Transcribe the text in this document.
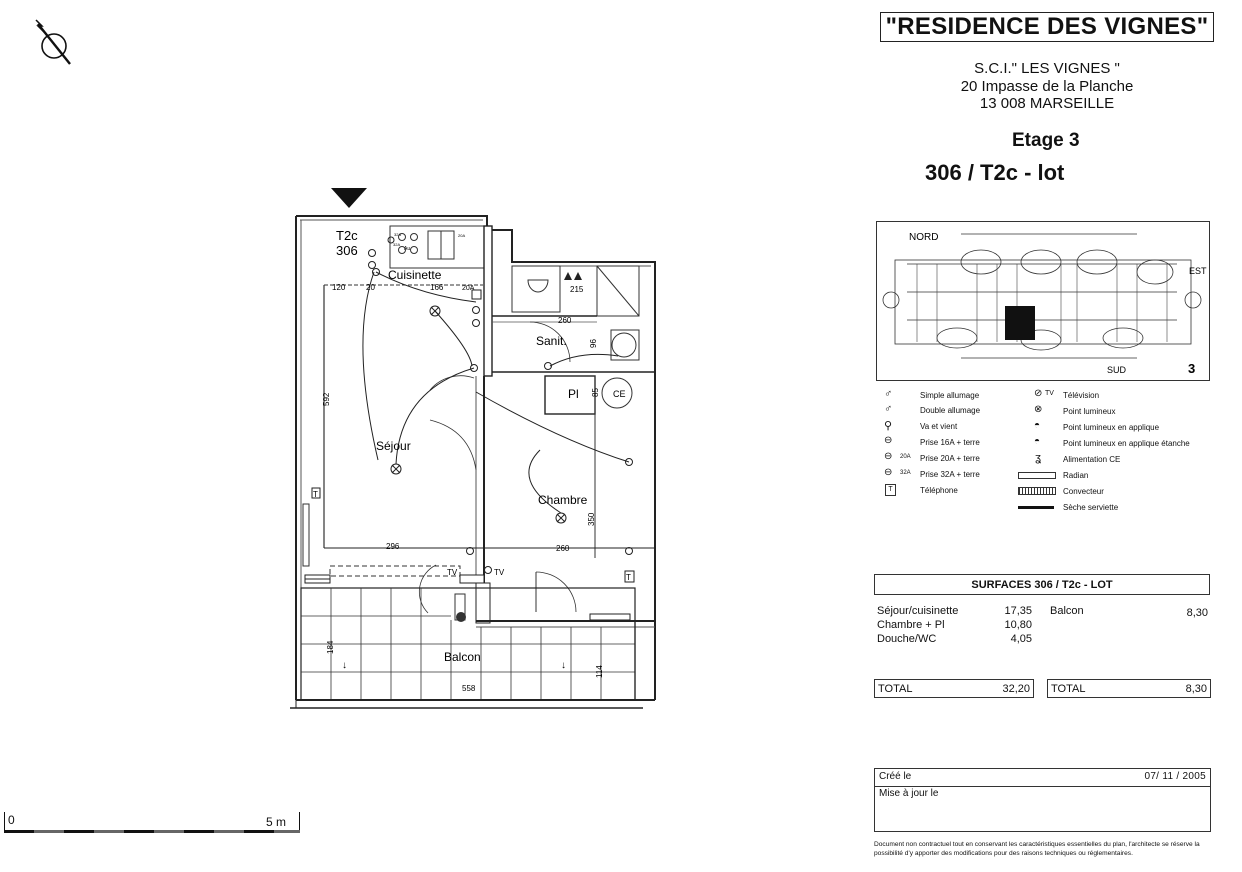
32A
Au
T2c
306
Cuisinette
Séjour
Sanit.
Pl	CE
Chambre
Balcon
120	20	166	20A	215
260
96
85
592
296	260
350
184
558
114
TV	TV
T
T
32A
20A
↓	↓
"RESIDENCE DES VIGNES"
S.C.I." LES VIGNES "
20 Impasse de la Planche
13 008 MARSEILLE
Etage 3
306 / T2c - lot
NORD
EST
SUD	3
♂	Simple allumage
♂	Double allumage
⚲	Va et vient
⊖	Prise 16A + terre
⊖ 20A Prise 20A + terre
⊖ 32A Prise 32A + terre
T	Téléphone
⊘ TV Télévision
⊗	Point lumineux
◓	Point lumineux en applique
◓	Point lumineux en applique étanche
ʓ	Alimentation CE
Radian
Convecteur
Sèche serviette
SURFACES 306 / T2c - LOT
Séjour/cuisinette	17,35
Chambre + Pl	10,80
Douche/WC	4,05
Balcon	8,30
TOTAL	32,20 TOTAL	8,30
Créé le	07/ 11 / 2005
Mise à jour le
Document non contractuel tout en conservant les caractéristiques essentielles du plan, l'architecte se réserve la possibilité d'y apporter des modifications pour des raisons techniques ou réglementaires.
0	5 m
